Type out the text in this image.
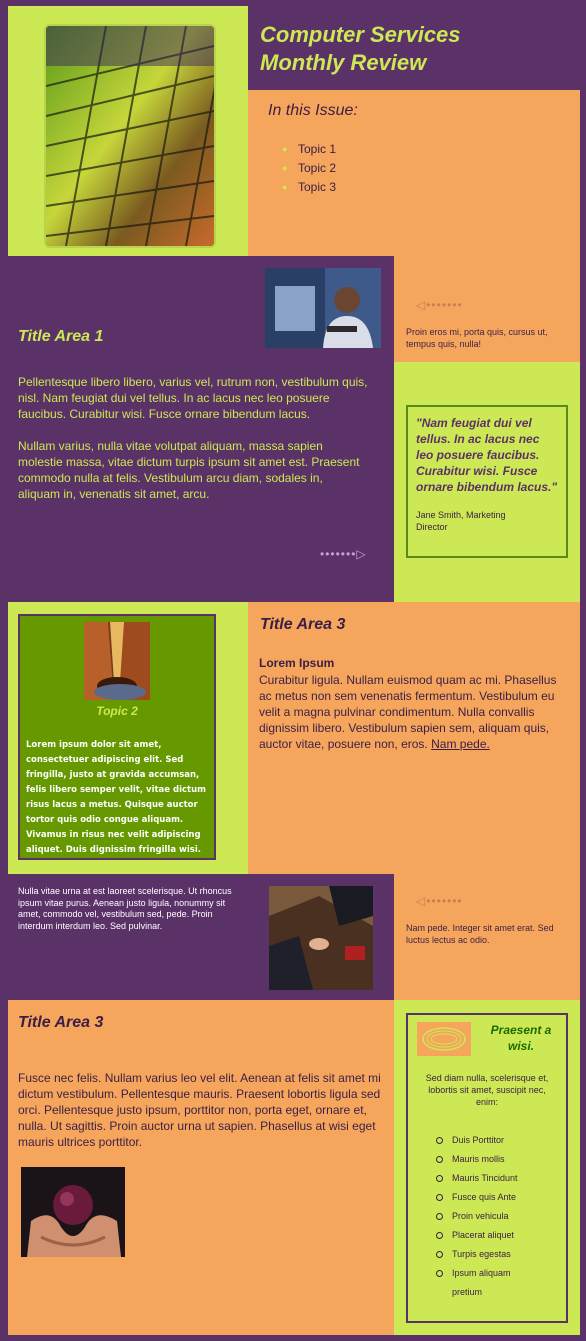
Computer Services
Monthly Review
In this Issue:
● Topic 1
● Topic 2
● Topic 3
Title Area 1

Pellentesque libero libero, varius vel, rutrum non, vestibulum quis, nisl. Nam feugiat dui vel tellus. In ac lacus nec leo posuere faucibus. Curabitur wisi. Fusce ornare bibendum lacus.

Nullam varius, nulla vitae volutpat aliquam, massa sapien molestie massa, vitae dictum turpis ipsum sit amet est. Praesent commodo nulla at felis. Vestibulum arcu diam, sodales in, aliquam in, venenatis sit amet, arcu.

•••••••▷
◁•••••••
Proin eros mi, porta quis, cursus ut, tempus quis, nulla!
"Nam feugiat dui vel tellus. In ac lacus nec leo posuere faucibus. Curabitur wisi. Fusce ornare bibendum lacus."
Jane Smith, Marketing
Director
Topic 2
Lorem ipsum dolor sit amet, consectetuer adipiscing elit. Sed fringilla, justo at gravida accumsan, felis libero semper velit, vitae dictum risus lacus a metus. Quisque auctor tortor quis odio congue aliquam. Vivamus in risus nec velit adipiscing aliquet. Duis dignissim fringilla wisi.
Title Area 3
Lorem Ipsum
Curabitur ligula. Nullam euismod quam ac mi. Phasellus ac metus non sem venenatis fermentum. Vestibulum eu velit a magna pulvinar condimentum. Nulla convallis dignissim libero. Vestibulum sapien sem, aliquam quis, auctor vitae, posuere non, eros. Nam pede.
Nulla vitae urna at est laoreet scelerisque. Ut rhoncus ipsum vitae purus. Aenean justo ligula, nonummy sit amet, commodo vel, vestibulum sed, pede. Proin interdum interdum leo. Sed pulvinar.
◁•••••••
Nam pede. Integer sit amet erat. Sed luctus lectus ac odio.
Title Area 3
Fusce nec felis. Nullam varius leo vel elit. Aenean at felis sit amet mi dictum vestibulum. Pellentesque mauris. Praesent lobortis ligula sed orci. Pellentesque justo ipsum, porttitor non, porta eget, ornare et, nulla. Ut sagittis. Proin auctor urna ut sapien. Phasellus at wisi eget mauris ultrices porttitor.
Praesent a wisi.
Sed diam nulla, scelerisque et, lobortis sit amet, suscipit nec, enim:
Duis Porttitor
Mauris mollis
Mauris Tincidunt
Fusce quis Ante
Proin vehicula
Placerat aliquet
Turpis egestas
Ipsum aliquam
pretium
